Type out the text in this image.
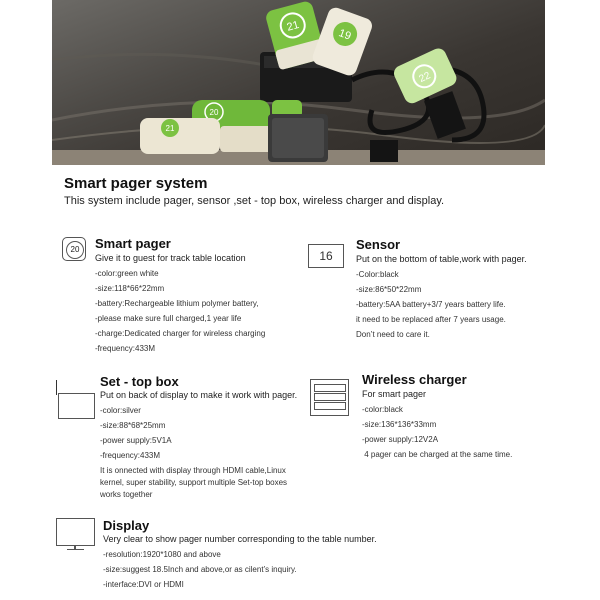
21
19
22
20
21
Smart pager system
This system include pager, sensor ,set - top box, wireless charger and display.
20	Smart pager
Give it to guest for track table location
-color:green white
-size:118*66*22mm
-battery:Rechargeable lithium polymer battery,
-please make sure full charged,1 year life
-charge:Dedicated charger for wireless charging
-frequency:433M
16
Sensor
Put on the bottom of table,work with pager.
-Color:black
-size:86*50*22mm
-battery:5AA battery+3/7 years battery life.
it need to be replaced after 7 years usage.
Don’t need to care it.
Set - top box
Put on back of display to make it work with pager.
-color:silver
-size:88*68*25mm
-power supply:5V1A
-frequency:433M
It is onnected with display through HDMI cable,Linux
kernel, super stability, support multiple Set-top boxes
works together
Wireless charger
For smart pager
-color:black
-size:136*136*33mm
-power supply:12V2A
4 pager can be charged at the same time.
Display
Very clear to show pager number corresponding to the table number.
-resolution:1920*1080 and above
-size:suggest 18.5Inch and above,or as cilent’s inquiry.
-interface:DVI or HDMI
